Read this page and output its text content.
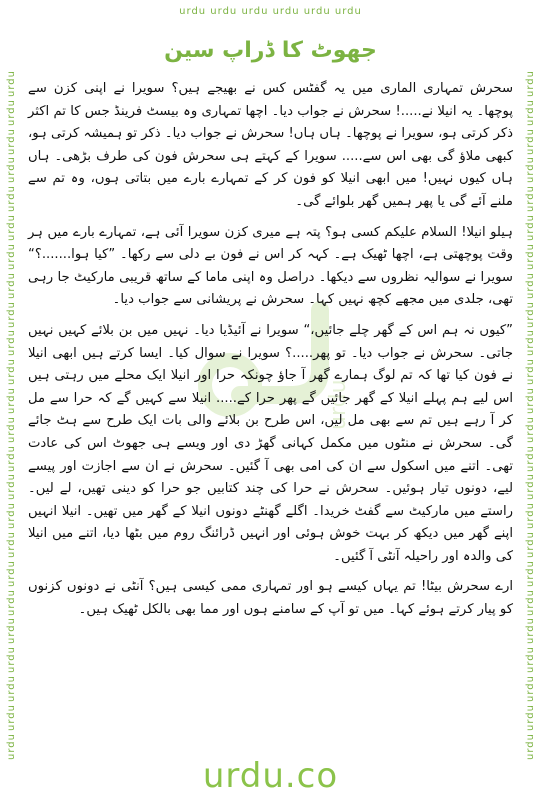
urdu urdu urdu urdu urdu urdu
urdu
urdu
urdu
urdu
urdu
urdu
urdu
urdu
urdu
urdu
urdu
urdu
urdu
urdu
urdu
urdu
urdu
urdu
urdu
urdu
urdu
urdu
urdu
urdu
urdu
urdu
urdu
urdu
urdu
urdu
urdu
urdu
urdu
urdu
urdu
urdu
urdu
urdu
urdu
urdu
urdu
urdu
urdu
urdu
urdu
urdu
urdu
urdu
جھوٹ کا ڈراپ سین
urdu

سحرش تمہاری الماری میں یہ گفٹس کس نے بھیجے ہیں؟ سویرا نے اپنی کزن سے پوچھا۔ یہ انیلا نے.....! سحرش نے جواب دیا۔ اچھا تمہاری وہ بیسٹ فرینڈ جس کا تم اکثر ذکر کرتی ہو، سویرا نے پوچھا۔ ہاں ہاں! سحرش نے جواب دیا۔ ذکر تو ہمیشہ کرتی ہو، کبھی ملاؤ گی بھی اس سے..... سویرا کے کہتے ہی سحرش فون کی طرف بڑھی۔ ہاں ہاں کیوں نہیں! میں ابھی انیلا کو فون کر کے تمہارے بارے میں بتاتی ہوں، وہ تم سے ملنے آئے گی یا پھر ہمیں گھر بلوائے گی۔

ہیلو انیلا! السلام علیکم کسی ہو؟ پتہ ہے میری کزن سویرا آئی ہے، تمہارے بارے میں ہر وقت پوچھتی ہے، اچھا ٹھیک ہے۔ کہہ کر اس نے فون بے دلی سے رکھا۔ ”کیا ہوا.......؟“ سویرا نے سوالیہ نظروں سے دیکھا۔ دراصل وہ اپنی ماما کے ساتھ قریبی مارکیٹ جا رہی تھی، جلدی میں مجھے کچھ نہیں کہا۔ سحرش نے پریشانی سے جواب دیا۔

”کیوں نہ ہم اس کے گھر چلے جائیں،“ سویرا نے آئیڈیا دیا۔ نہیں میں بن بلائے کہیں نہیں جاتی۔ سحرش نے جواب دیا۔ تو پھر.....؟ سویرا نے سوال کیا۔ ایسا کرتے ہیں ابھی انیلا نے فون کیا تھا کہ تم لوگ ہمارے گھر آ جاؤ چونکہ حرا اور انیلا ایک محلے میں رہتی ہیں اس لیے ہم پہلے انیلا کے گھر جائیں گے پھر حرا کے..... انیلا سے کہیں گے کہ حرا سے مل کر آ رہے ہیں تم سے بھی مل لیں، اس طرح بن بلائے والی بات ایک طرح سے ہٹ جائے گی۔ سحرش نے منٹوں میں مکمل کہانی گھڑ دی اور ویسے ہی جھوٹ اس کی عادت تھی۔ اتنے میں اسکول سے ان کی امی بھی آ گئیں۔ سحرش نے ان سے اجازت اور پیسے لیے، دونوں تیار ہوئیں۔ سحرش نے حرا کی چند کتابیں جو حرا کو دینی تھیں، لے لیں۔ راستے میں مارکیٹ سے گفٹ خریدا۔ اگلے گھنٹے دونوں انیلا کے گھر میں تھیں۔ انیلا انہیں اپنے گھر میں دیکھ کر بہت خوش ہوئی اور انہیں ڈرائنگ روم میں بٹھا دیا، اتنے میں انیلا کی والدہ اور راحیلہ آنٹی آ گئیں۔

ارے سحرش بیٹا! تم یہاں کیسے ہو اور تمہاری ممی کیسی ہیں؟ آنٹی نے دونوں کزنوں کو پیار کرتے ہوئے کہا۔ میں تو آپ کے سامنے ہوں اور مما بھی بالکل ٹھیک ہیں۔

urdu.co
